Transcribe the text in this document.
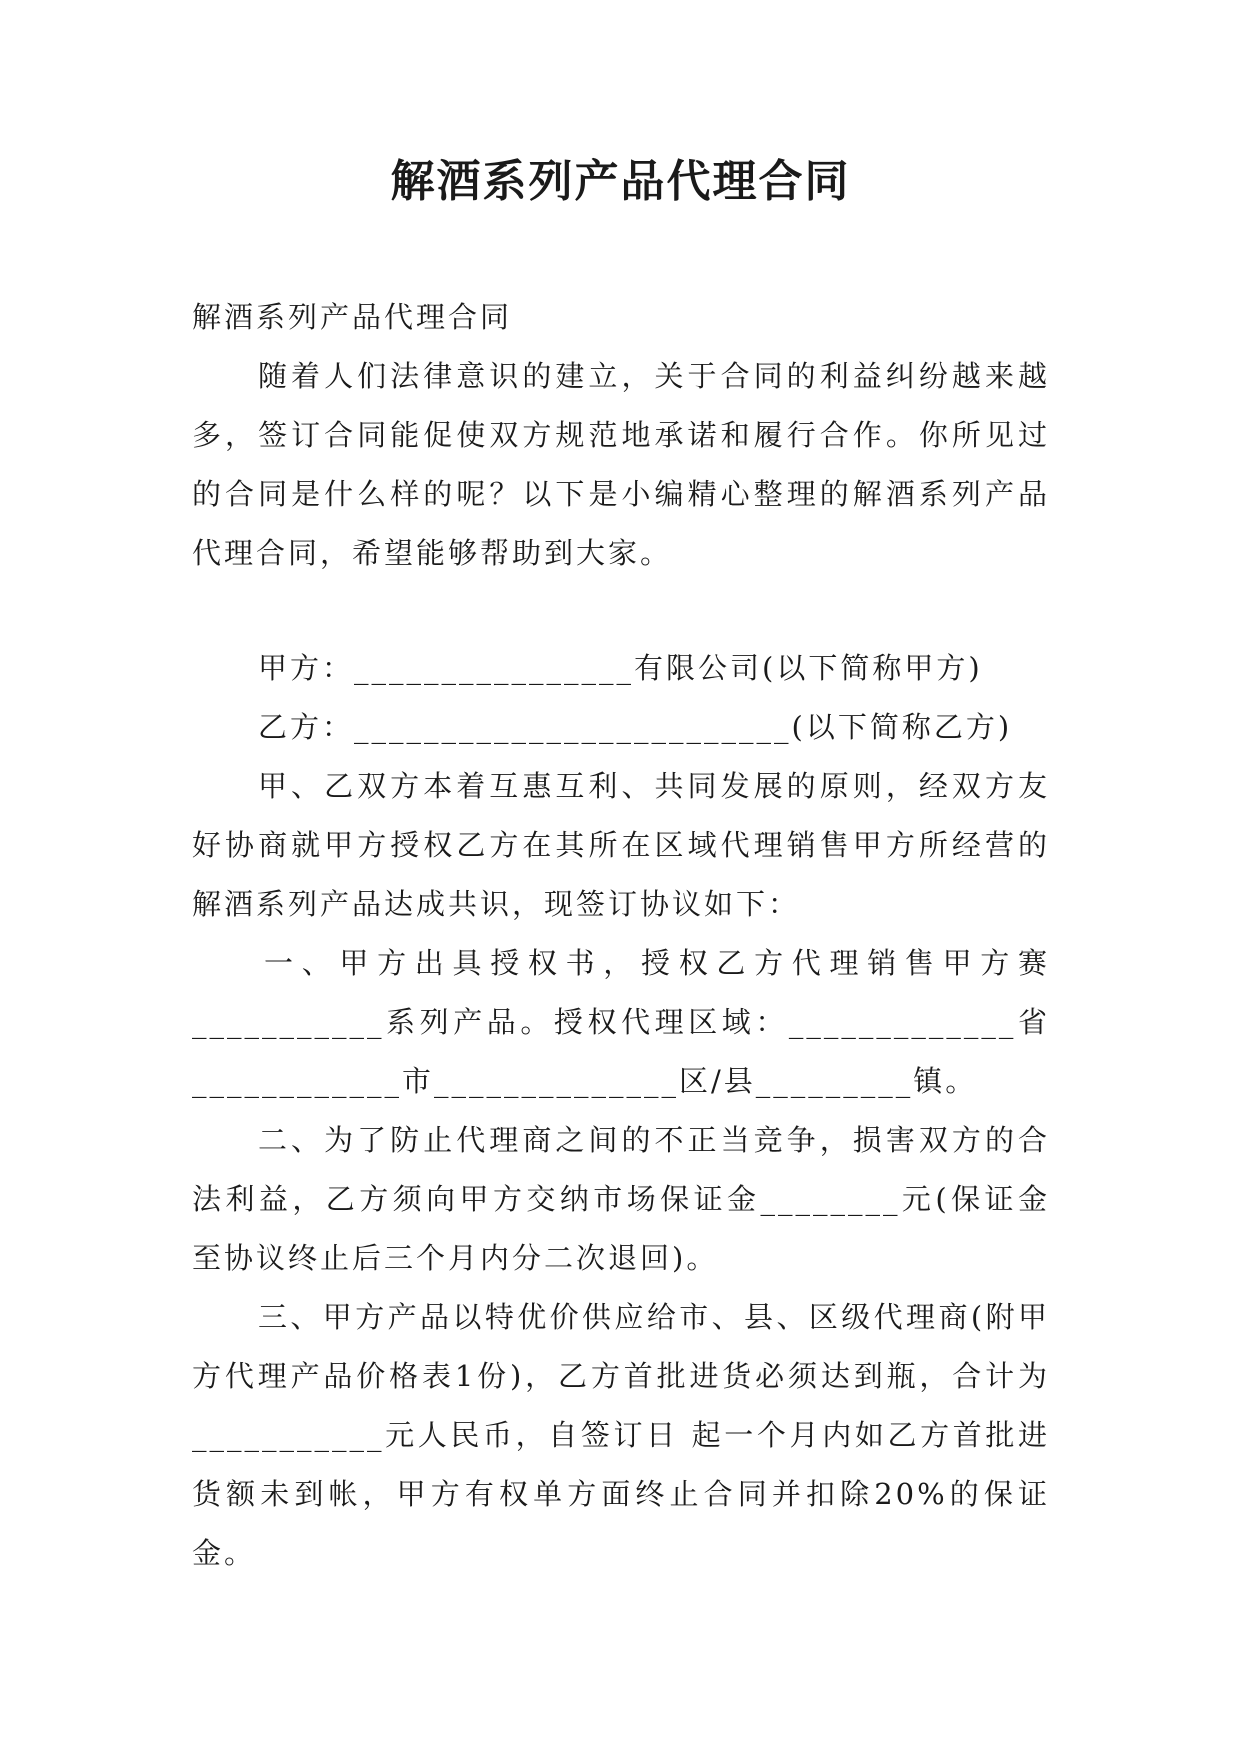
解酒系列产品代理合同

解酒系列产品代理合同

随着人们法律意识的建立，关于合同的利益纠纷越来越多，签订合同能促使双方规范地承诺和履行合作。你所见过的合同是什么样的呢？以下是小编精心整理的解酒系列产品代理合同，希望能够帮助到大家。

甲方：________________有限公司(以下简称甲方)

乙方：_________________________(以下简称乙方)

甲、乙双方本着互惠互利、共同发展的原则，经双方友好协商就甲方授权乙方在其所在区域代理销售甲方所经营的解酒系列产品达成共识，现签订协议如下：

一、甲方出具授权书，授权乙方代理销售甲方赛___________系列产品。授权代理区域：_____________省____________市______________区/县_________镇。

二、为了防止代理商之间的不正当竞争，损害双方的合法利益，乙方须向甲方交纳市场保证金________元(保证金至协议终止后三个月内分二次退回)。

三、甲方产品以特优价供应给市、县、区级代理商(附甲方代理产品价格表1份)，乙方首批进货必须达到瓶，合计为___________元人民币，自签订日 起一个月内如乙方首批进货额未到帐，甲方有权单方面终止合同并扣除20%的保证金。
